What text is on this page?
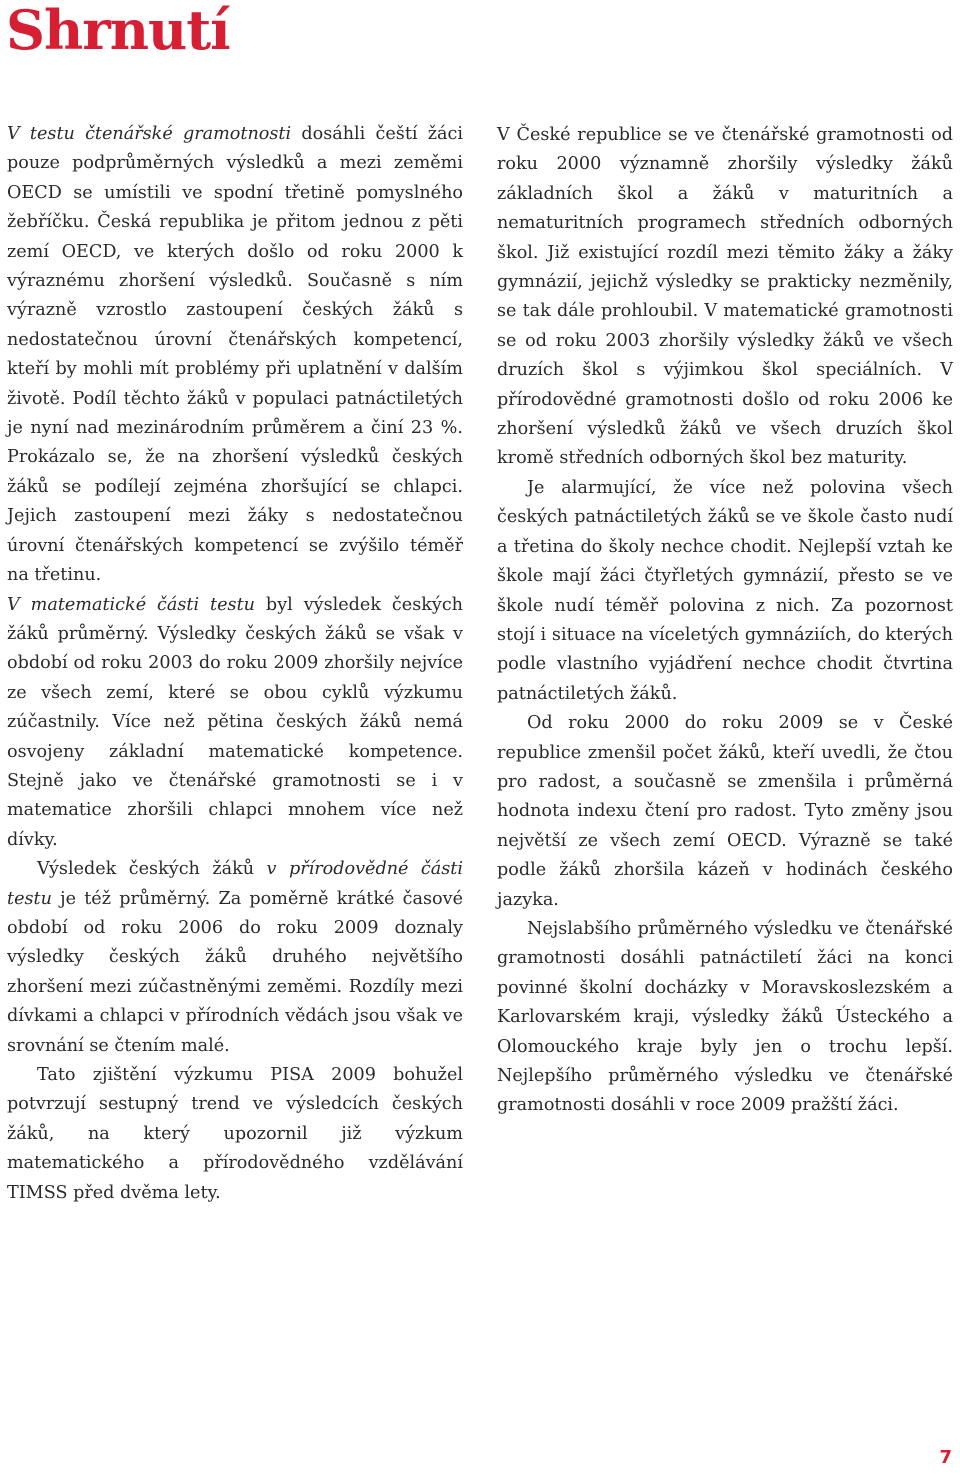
Shrnutí

V testu čtenářské gramotnosti dosáhli čeští žáci pouze podprůměrných výsledků a mezi zeměmi OECD se umístili ve spodní třetině pomyslného žebříčku. Česká republika je přitom jednou z pěti zemí OECD, ve kterých došlo od roku 2000 k výraznému zhoršení výsledků. Současně s ním výrazně vzrostlo zastoupení českých žáků s nedostatečnou úrovní čtenářských kompetencí, kteří by mohli mít problémy při uplatnění v dalším životě. Podíl těchto žáků v populaci patnáctiletých je nyní nad mezinárodním průměrem a činí 23 %. Prokázalo se, že na zhoršení výsledků českých žáků se podílejí zejména zhoršující se chlapci. Jejich zastoupení mezi žáky s nedostatečnou úrovní čtenářských kompetencí se zvýšilo téměř na třetinu.

V matematické části testu byl výsledek českých žáků průměrný. Výsledky českých žáků se však v období od roku 2003 do roku 2009 zhoršily nejvíce ze všech zemí, které se obou cyklů výzkumu zúčastnily. Více než pětina českých žáků nemá osvojeny základní matematické kompetence. Stejně jako ve čtenářské gramotnosti se i v matematice zhoršili chlapci mnohem více než dívky.

Výsledek českých žáků v přírodovědné části testu je též průměrný. Za poměrně krátké časové období od roku 2006 do roku 2009 doznaly výsledky českých žáků druhého největšího zhoršení mezi zúčastněnými zeměmi. Rozdíly mezi dívkami a chlapci v přírodních vědách jsou však ve srovnání se čtením malé.

Tato zjištění výzkumu PISA 2009 bohužel potvrzují sestupný trend ve výsledcích českých žáků, na který upozornil již výzkum matematického a přírodovědného vzdělávání TIMSS před dvěma lety.

V České republice se ve čtenářské gramotnosti od roku 2000 významně zhoršily výsledky žáků základních škol a žáků v maturitních a nematuritních programech středních odborných škol. Již existující rozdíl mezi těmito žáky a žáky gymnázií, jejichž výsledky se prakticky nezměnily, se tak dále prohloubil. V matematické gramotnosti se od roku 2003 zhoršily výsledky žáků ve všech druzích škol s výjimkou škol speciálních. V přírodovědné gramotnosti došlo od roku 2006 ke zhoršení výsledků žáků ve všech druzích škol kromě středních odborných škol bez maturity.

Je alarmující, že více než polovina všech českých patnáctiletých žáků se ve škole často nudí a třetina do školy nechce chodit. Nejlepší vztah ke škole mají žáci čtyřletých gymnázií, přesto se ve škole nudí téměř polovina z nich. Za pozornost stojí i situace na víceletých gymnáziích, do kterých podle vlastního vyjádření nechce chodit čtvrtina patnáctiletých žáků.

Od roku 2000 do roku 2009 se v České republice zmenšil počet žáků, kteří uvedli, že čtou pro radost, a současně se zmenšila i průměrná hodnota indexu čtení pro radost. Tyto změny jsou největší ze všech zemí OECD. Výrazně se také podle žáků zhoršila kázeň v hodinách českého jazyka.

Nejslabšího průměrného výsledku ve čtenářské gramotnosti dosáhli patnáctiletí žáci na konci povinné školní docházky v Moravskoslezském a Karlovarském kraji, výsledky žáků Ústeckého a Olomouckého kraje byly jen o trochu lepší. Nejlepšího průměrného výsledku ve čtenářské gramotnosti dosáhli v roce 2009 pražští žáci.

7
